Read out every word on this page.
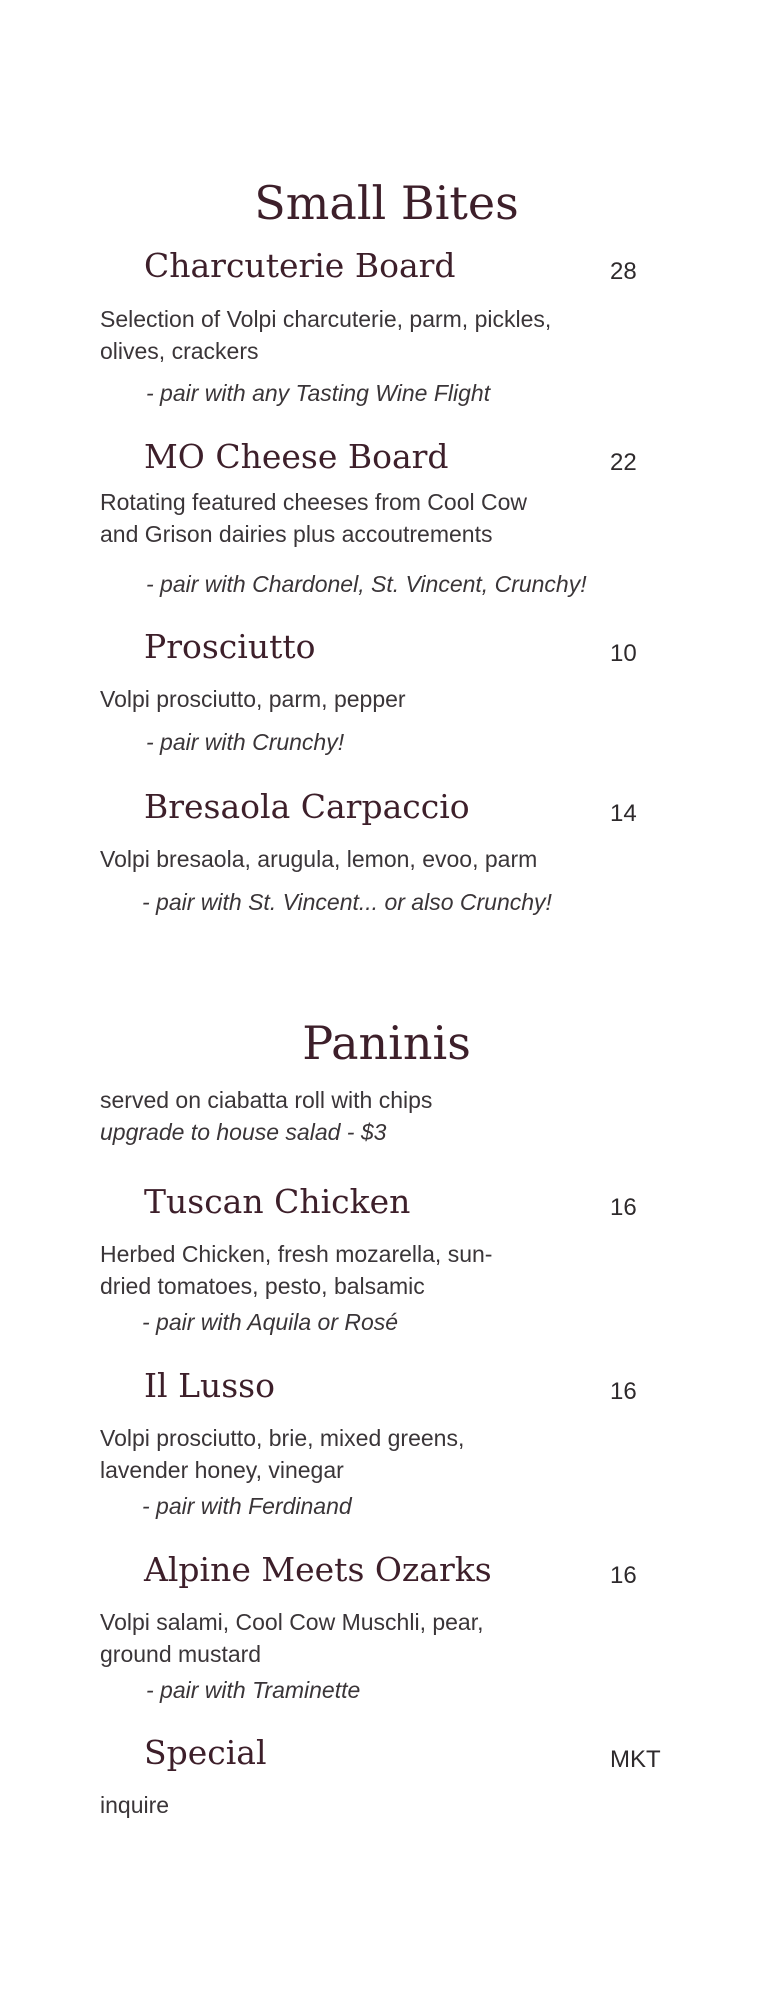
Small Bites
Charcuterie Board	28
Selection of Volpi charcuterie, parm, pickles,
olives, crackers
- pair with any Tasting Wine Flight
MO Cheese Board	22
Rotating featured cheeses from Cool Cow
and Grison dairies plus accoutrements
- pair with Chardonel, St. Vincent, Crunchy!
Prosciutto	10
Volpi prosciutto, parm, pepper
- pair with Crunchy!
Bresaola Carpaccio	14
Volpi bresaola, arugula, lemon, evoo, parm
- pair with St. Vincent... or also Crunchy!
Paninis
served on ciabatta roll with chips
upgrade to house salad - $3
Tuscan Chicken	16
Herbed Chicken, fresh mozarella, sun-
dried tomatoes, pesto, balsamic
- pair with Aquila or Rosé
Il Lusso	16
Volpi prosciutto, brie, mixed greens,
lavender honey, vinegar
- pair with Ferdinand
Alpine Meets Ozarks	16
Volpi salami, Cool Cow Muschli, pear,
ground mustard
- pair with Traminette
Special	MKT
inquire
